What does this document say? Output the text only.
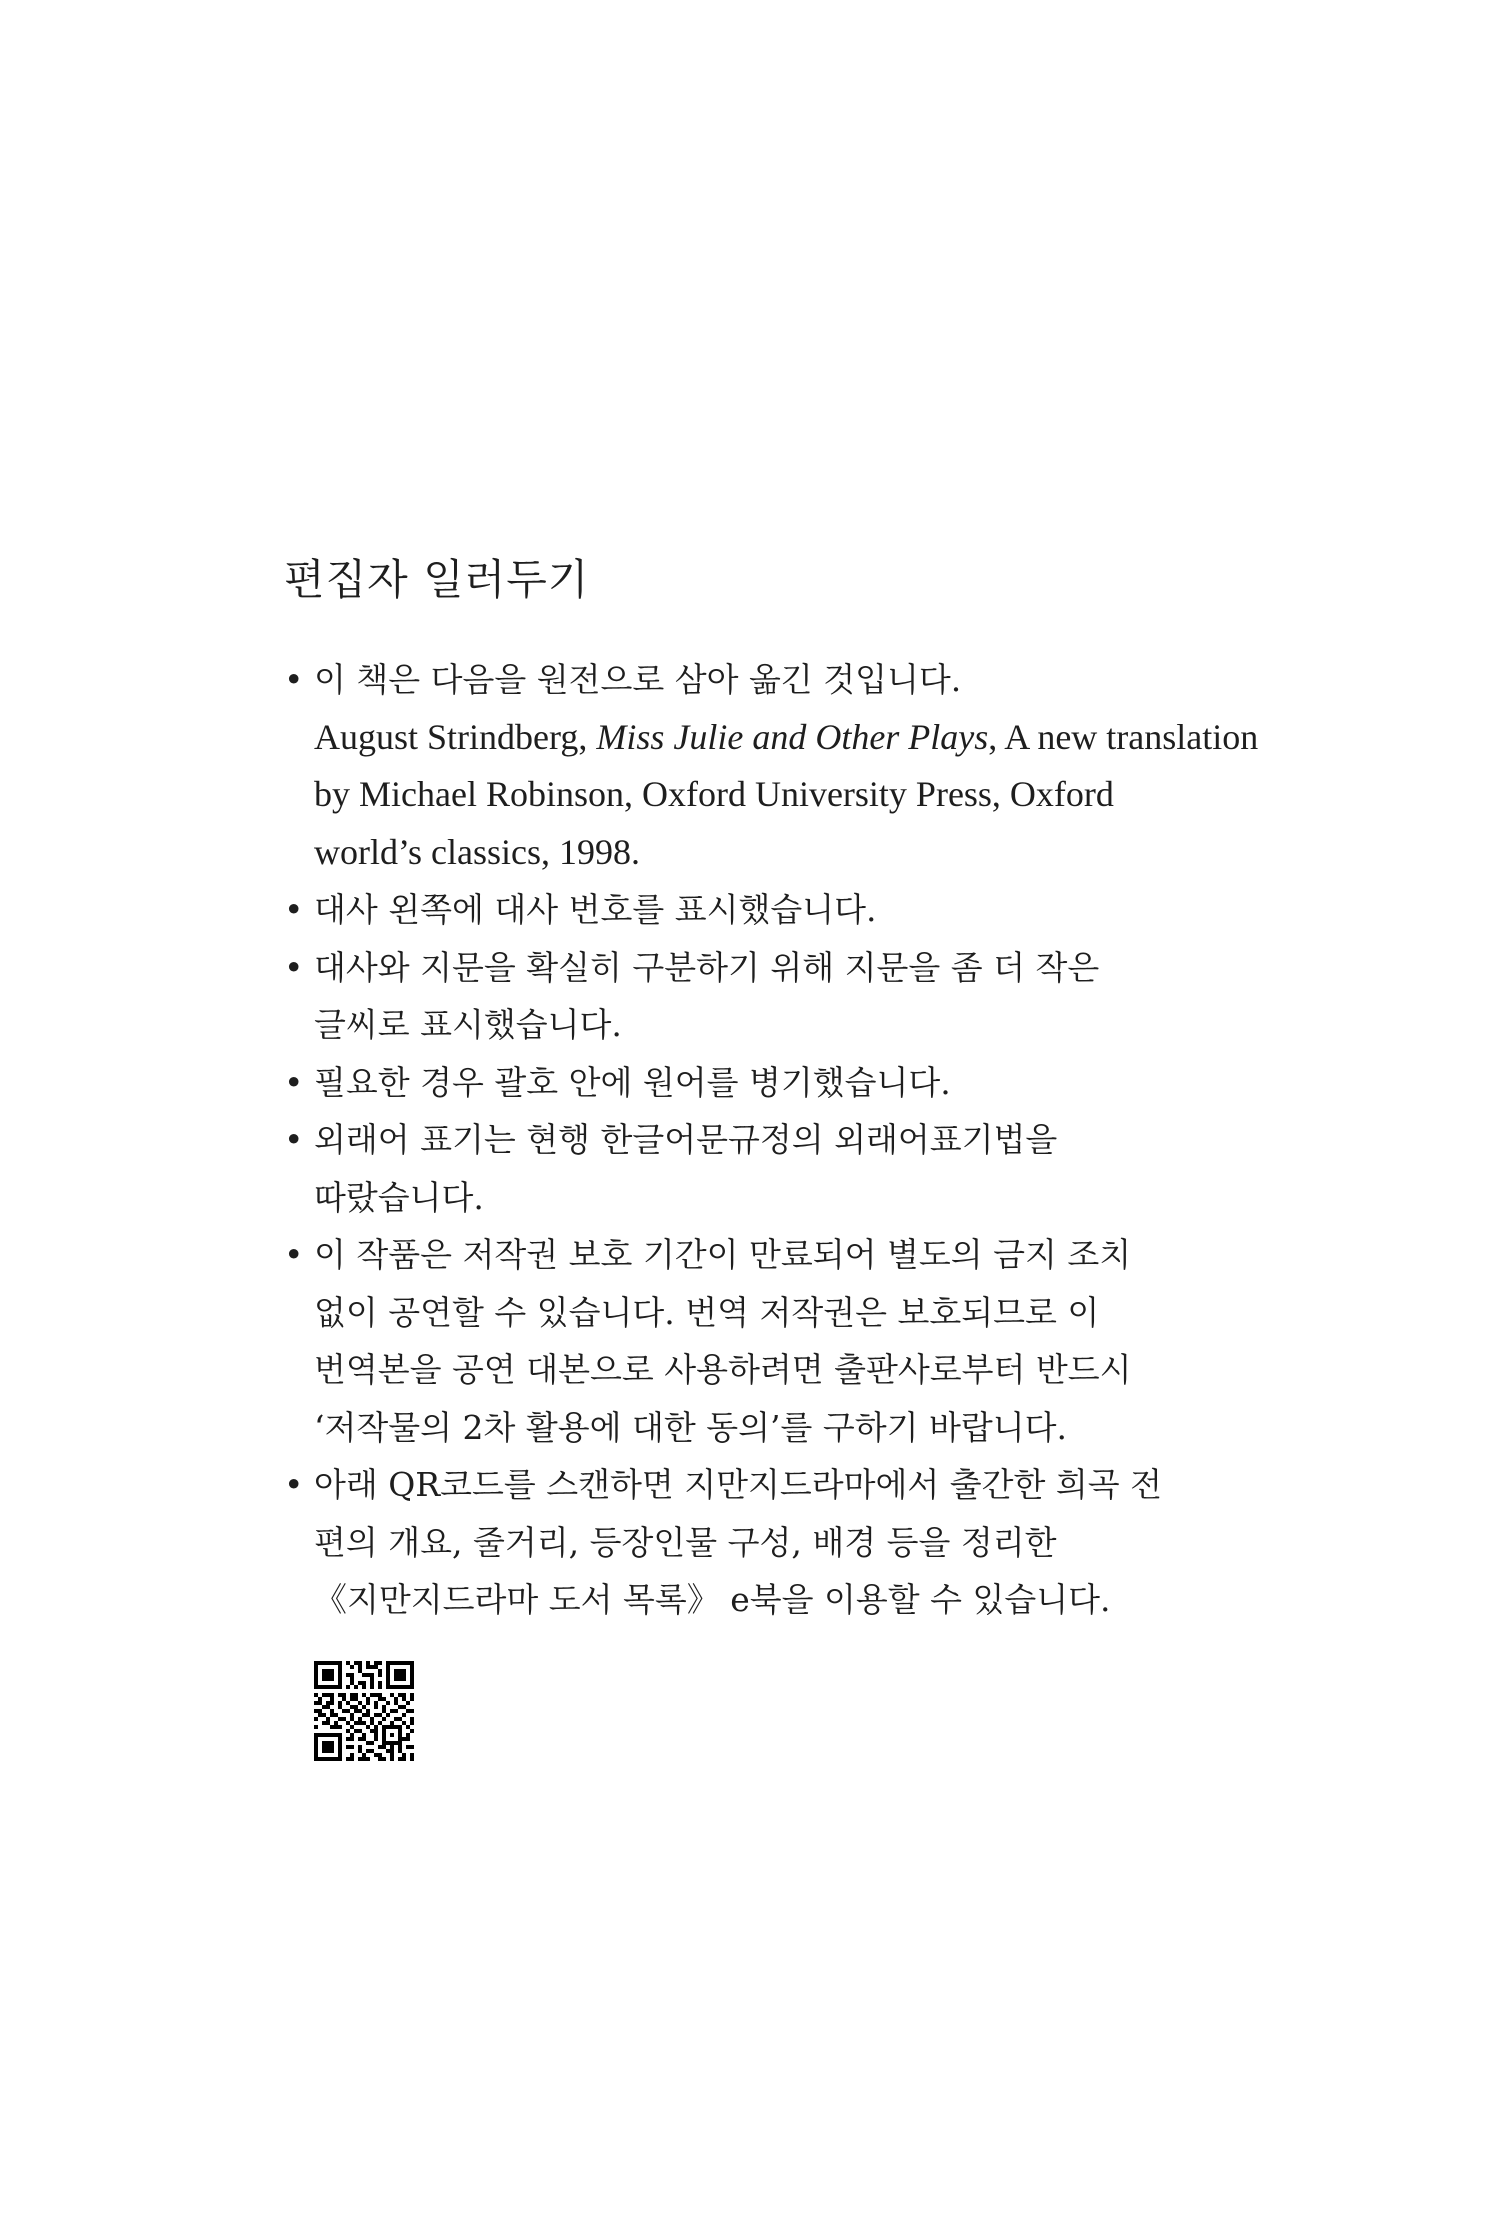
편집자 일러두기
• 이 책은 다음을 원전으로 삼아 옮긴 것입니다.
August Strindberg, Miss Julie and Other Plays, A new translation
by Michael Robinson, Oxford University Press, Oxford
world’s classics, 1998.
• 대사 왼쪽에 대사 번호를 표시했습니다.
• 대사와 지문을 확실히 구분하기 위해 지문을 좀 더 작은
글씨로 표시했습니다.
• 필요한 경우 괄호 안에 원어를 병기했습니다.
• 외래어 표기는 현행 한글어문규정의 외래어표기법을
따랐습니다.
• 이 작품은 저작권 보호 기간이 만료되어 별도의 금지 조치
없이 공연할 수 있습니다. 번역 저작권은 보호되므로 이
번역본을 공연 대본으로 사용하려면 출판사로부터 반드시
‘저작물의 2차 활용에 대한 동의’를 구하기 바랍니다.
• 아래 QR코드를 스캔하면 지만지드라마에서 출간한 희곡 전
편의 개요, 줄거리, 등장인물 구성, 배경 등을 정리한
《지만지드라마 도서 목록》 e북을 이용할 수 있습니다.
